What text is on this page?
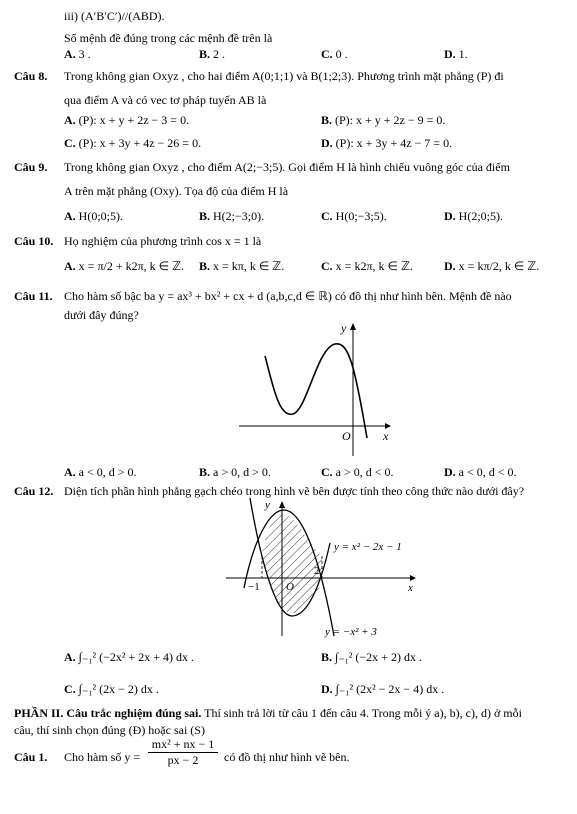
iii) (A′B′C′)//(ABD).
Số mệnh đề đúng trong các mệnh đề trên là
A. 3 .	B. 2 .	C. 0 .	D. 1.
Câu 8. Trong không gian Oxyz , cho hai điểm A(0;1;1) và B(1;2;3). Phương trình mặt phẳng (P) đi
qua điểm A và có vec tơ pháp tuyến AB là
A. (P): x + y + 2z − 3 = 0.	B. (P): x + y + 2z − 9 = 0.
C. (P): x + 3y + 4z − 26 = 0.	D. (P): x + 3y + 4z − 7 = 0.
Câu 9. Trong không gian Oxyz , cho điểm A(2;−3;5). Gọi điểm H là hình chiếu vuông góc của điểm
A trên mặt phẳng (Oxy). Tọa độ của điểm H là
A. H(0;0;5).	B. H(2;−3;0).	C. H(0;−3;5).	D. H(2;0;5).
Câu 10. Họ nghiệm của phương trình cos x = 1 là
A. x = π/2 + k2π, k ∈ ℤ. B. x = kπ, k ∈ ℤ.	C. x = k2π, k ∈ ℤ.	D. x = kπ/2, k ∈ ℤ.
Câu 11. Cho hàm số bậc ba y = ax³ + bx² + cx + d (a,b,c,d ∈ ℝ) có đồ thị như hình bên. Mệnh đề nào
dưới đây đúng?
y
O	x
A. a < 0, d > 0.	B. a > 0, d > 0.	C. a > 0, d < 0.	D. a < 0, d < 0.
Câu 12. Diện tích phần hình phẳng gạch chéo trong hình vẽ bên được tính theo công thức nào dưới đây?
y
O	x
−1
2
y = x² − 2x − 1
y = −x² + 3
A. ∫₋₁² (−2x² + 2x + 4) dx .	B. ∫₋₁² (−2x + 2) dx .
C. ∫₋₁² (2x − 2) dx .	D. ∫₋₁² (2x² − 2x − 4) dx .
PHẦN II. Câu trắc nghiệm đúng sai. Thí sinh trả lời từ câu 1 đến câu 4. Trong mỗi ý a), b), c), d) ở mỗi
câu, thí sinh chọn đúng (Đ) hoặc sai (S)
Câu 1. Cho hàm số y =
mx² + nx − 1
px − 2	có đồ thị như hình vẽ bên.
